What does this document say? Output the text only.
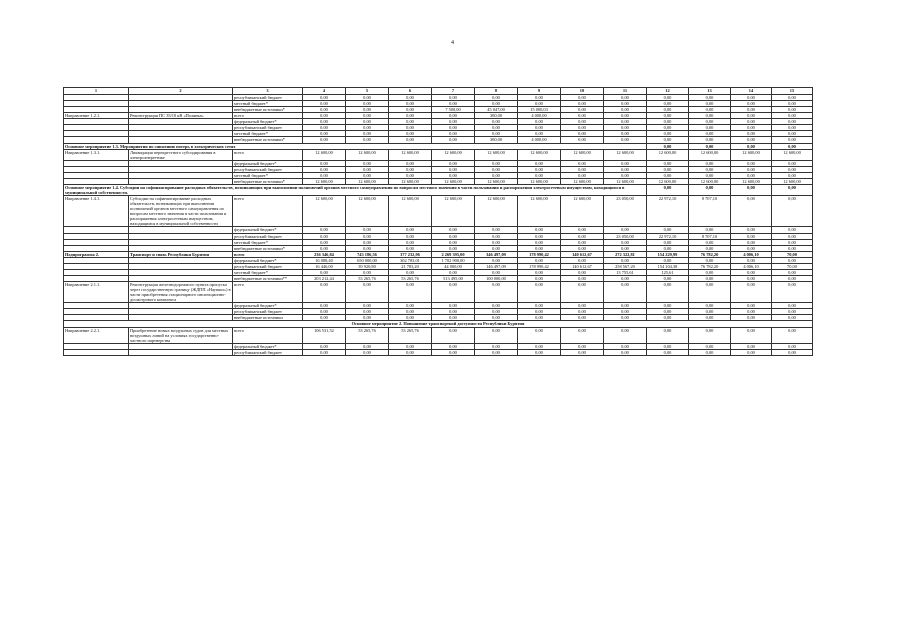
4
1	2	3	4	5	6	7	8	9	10	11	12	13	14	15
		республиканский бюджет	0,00	0,00	0,00	0,00	0,00	0,00	0,00	0,00	0,00	0,00	0,00	0,00
		местный бюджет*	0,00	0,00	0,00	0,00	0,00	0,00	0,00	0,00	0,00	0,00	0,00	0,00
		внебюджетные источники*	0,00	0,00	0,00	7 500,00	45 047,00	15 000,03	0,00	0,00	0,00	0,00	0,00	0,00
Направление 1.2.1.	Реконструкция ПС 35/10 кВ «Полянка»	всего	0,00	0,00	0,00	0,00	300,00	4 000,00	0,00	0,00	0,00	0,00	0,00	0,00
		федеральный бюджет*	0,00	0,00	0,00	0,00	0,00	0,00	0,00	0,00	0,00	0,00	0,00	0,00
		республиканский бюджет	0,00	0,00	0,00	0,00	0,00	0,00	0,00	0,00	0,00	0,00	0,00	0,00
		местный бюджет*	0,00	0,00	0,00	0,00	0,00	0,00	0,00	0,00	0,00	0,00	0,00	0,00
		внебюджетные источники*	0,00	0,00	0,00	0,00	300,00	4 000,00	0,00	0,00	0,00	0,00	0,00	0,00
Основное мероприятие 1.3. Мероприятия по снижению потерь в электрических сетях											0,00	0,00	0,00	0,00
Направление 1.3.1.	Ликвидация перекрестного субсидирования в электроэнергетике	всего	12 600,00	12 600,00	12 600,00	12 600,00	12 600,00	12 600,00	12 600,00	12 600,00	12 600,00	12 600,00	12 600,00	12 600,00
		федеральный бюджет*	0,00	0,00	0,00	0,00	0,00	0,00	0,00	0,00	0,00	0,00	0,00	0,00
		республиканский бюджет	0,00	0,00	0,00	0,00	0,00	0,00	0,00	0,00	0,00	0,00	0,00	0,00
		местный бюджет*	0,00	0,00	0,00	0,00	0,00	0,00	0,00	0,00	0,00	0,00	0,00	0,00
		внебюджетные источники*	12 600,00	12 600,00	12 600,00	12 600,00	12 600,00	12 600,00	12 600,00	12 600,00	12 600,00	12 600,00	12 600,00	12 600,00
Основное мероприятие 1.4. Субсидии на софинансирование расходных обязательств, возникающих при выполнении полномочий органов местного самоуправления по вопросам местного значения в части пользования и распоряжения электросетевым имуществом, находящимся в муниципальной собственности.											0,00	0,00	0,00	0,00
Направление 1.4.1.	Субсидии на софинансирование расходных обязательств, возникающих при выполнении полномочий органов местного самоуправления по вопросам местного значения в части пользования и распоряжения электросетевым имуществом, находящимся в муниципальной собственности	всего	12 600,00	12 600,00	12 600,00	12 600,00	12 600,00	12 600,00	12 600,00	23 050,00	22 972,10	8 707,10	0,00	0,00
		федеральный бюджет*	0,00	0,00	0,00	0,00	0,00	0,00	0,00	0,00	0,00	0,00	0,00	0,00
		республиканский бюджет	0,00	0,00	0,00	0,00	0,00	0,00	0,00	23 050,00	22 972,10	8 707,10	0,00	0,00
		местный бюджет*	0,00	0,00	0,00	0,00	0,00	0,00	0,00	0,00	0,00	0,00	0,00	0,00
		внебюджетные источники*	0,00	0,00	0,00	0,00	0,00	0,00	0,00	0,00	0,00	0,00	0,00	0,00
Подпрограмма 2.	Транспорт и связь Республики Бурятия	всего	236 346,84	743 186,56	377 232,96	2 269 395,00	346 497,09	178 990,42	140 612,67	272 322,81	154 229,99	76 782,20	4 006,10	70,00
		федеральный бюджет*	16 088,40	650 000,00	302 783,01	1 702 900,00	0,00	0,00	0,00	0,00	0,00	0,00	0,00	0,00
		республиканский бюджет	16 446,00	39 920,80	21 783,20	44 000,00	146 497,09	178 990,42	140 612,67	258 567,20	154 104,38	76 782,20	4 006,10	70,00
		местный бюджет*	0,00	0,00	0,00	0,00	0,00	0,00	0,00	13 755,61	125,61	0,00	0,00	0,00
		внебюджетные источники**	203 212,44	53 265,76	53 265,76	513 495,00	100 000,00	0,00	0,00	0,00	0,00	0,00	0,00	0,00
Направление 2.1.1.	Реконструкция железнодорожного пункта пропуска через государственную границу (ЖДПП «Наушки») в части приобретения стационарного инспекционно-досмотрового комплекса	всего	0,00	0,00	0,00	0,00	0,00	0,00	0,00	0,00	0,00	0,00	0,00	0,00
		федеральный бюджет*	0,00	0,00	0,00	0,00	0,00	0,00	0,00	0,00	0,00	0,00	0,00	0,00
		республиканский бюджет	0,00	0,00	0,00	0,00	0,00	0,00	0,00	0,00	0,00	0,00	0,00	0,00
		внебюджетные источники	0,00	0,00	0,00	0,00	0,00	0,00	0,00	0,00	0,00	0,00	0,00	0,00
Основное мероприятие 2. Повышение транспортной доступности Республики Бурятия														
Направление 2.2.1.	Приобретение новых воздушных судов для местных воздушных линий на условиях государственно-частного партнерства	всего	106 531,52	53 265,76	53 265,76	0,00	0,00	0,00	0,00	0,00	0,00	0,00	0,00	0,00
		федеральный бюджет*	0,00	0,00	0,00	0,00	0,00	0,00	0,00	0,00	0,00	0,00	0,00	0,00
		республиканский бюджет	0,00	0,00	0,00	0,00	0,00	0,00	0,00	0,00	0,00	0,00	0,00	0,00
